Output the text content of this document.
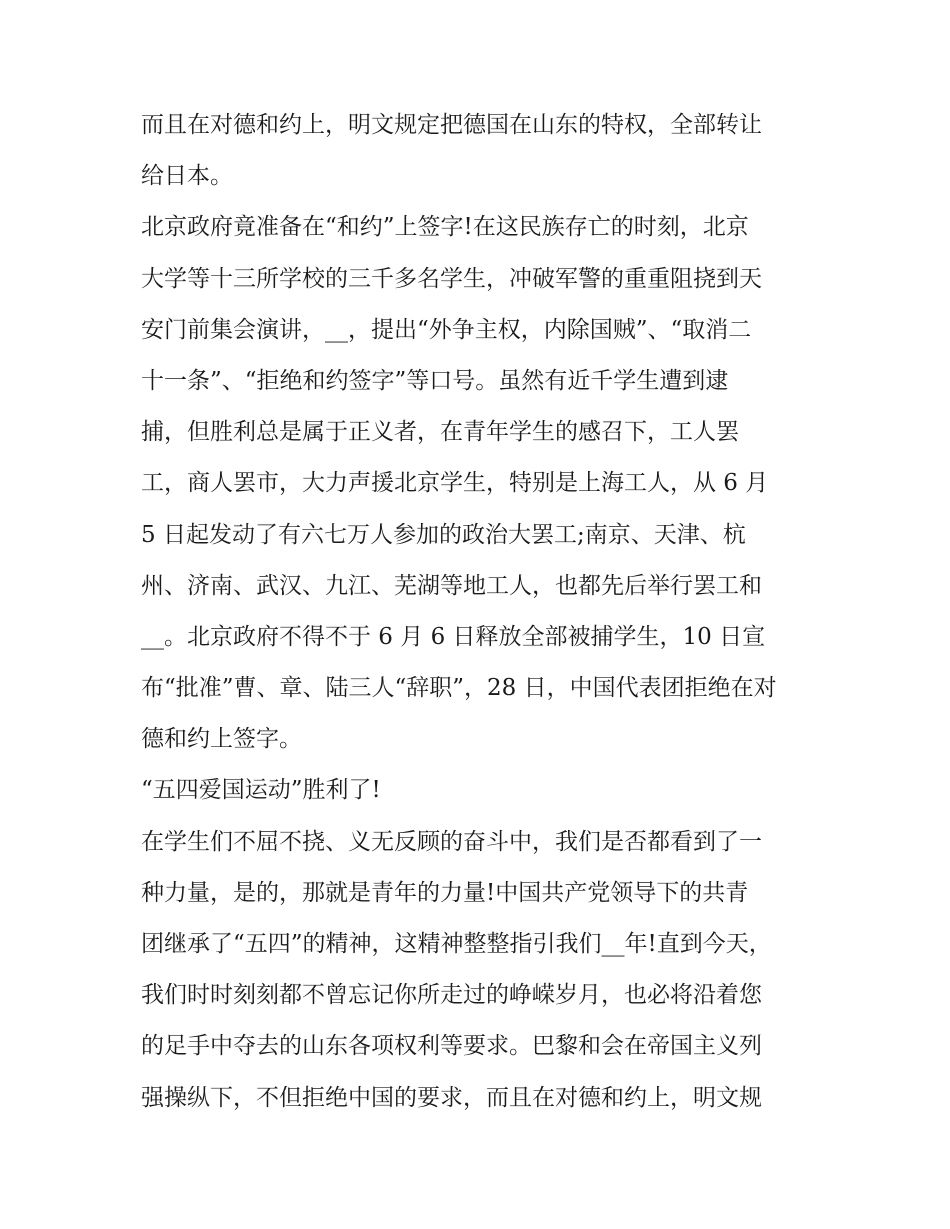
而且在对德和约上，明文规定把德国在山东的特权，全部转让
给日本。
北京政府竟准备在“和约”上签字!在这民族存亡的时刻，北京
大学等十三所学校的三千多名学生，冲破军警的重重阻挠到天
安门前集会演讲，__，提出“外争主权，内除国贼”、“取消二
十一条”、“拒绝和约签字”等口号。虽然有近千学生遭到逮
捕，但胜利总是属于正义者，在青年学生的感召下，工人罢
工，商人罢市，大力声援北京学生，特别是上海工人，从 6 月
5 日起发动了有六七万人参加的政治大罢工;南京、天津、杭
州、济南、武汉、九江、芜湖等地工人，也都先后举行罢工和
__。北京政府不得不于 6 月 6 日释放全部被捕学生，10 日宣
布“批准”曹、章、陆三人“辞职”，28 日，中国代表团拒绝在对
德和约上签字。
“五四爱国运动”胜利了!
在学生们不屈不挠、义无反顾的奋斗中，我们是否都看到了一
种力量，是的，那就是青年的力量!中国共产党领导下的共青
团继承了“五四”的精神，这精神整整指引我们__年!直到今天，
我们时时刻刻都不曾忘记你所走过的峥嵘岁月，也必将沿着您
的足手中夺去的山东各项权利等要求。巴黎和会在帝国主义列
强操纵下，不但拒绝中国的要求，而且在对德和约上，明文规
